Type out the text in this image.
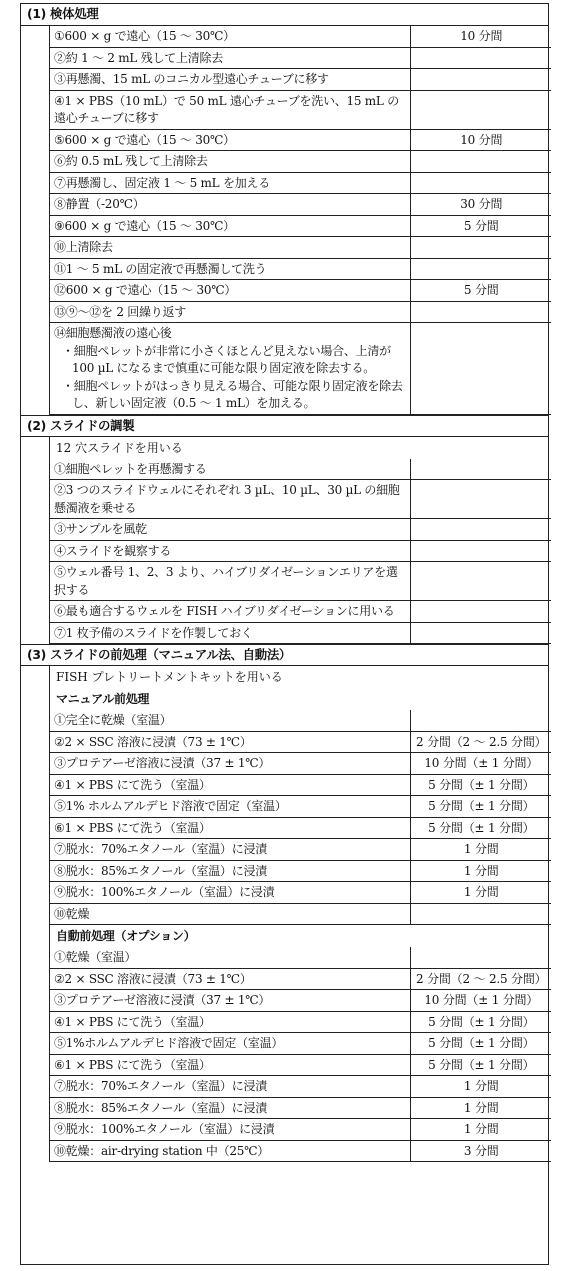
(1) 検体処理
①600 × g で遠心（15 ～ 30℃）	10 分間
②約 1 ～ 2 mL 残して上清除去	
③再懸濁、15 mL のコニカル型遠心チューブに移す	
④1 × PBS（10 mL）で 50 mL 遠心チューブを洗い、15 mL の遠心チューブに移す	
⑤600 × g で遠心（15 ～ 30℃）	10 分間
⑥約 0.5 mL 残して上清除去	
⑦再懸濁し、固定液 1 ～ 5 mL を加える	
⑧静置（-20℃）	30 分間
⑨600 × g で遠心（15 ～ 30℃）	5 分間
⑩上清除去	
⑪1 ～ 5 mL の固定液で再懸濁して洗う	
⑫600 × g で遠心（15 ～ 30℃）	5 分間
⑬⑨～⑫を 2 回繰り返す	
⑭細胞懸濁液の遠心後
・細胞ペレットが非常に小さくほとんど見えない場合、上清が 100 µL になるまで慎重に可能な限り固定液を除去する。
・細胞ペレットがはっきり見える場合、可能な限り固定液を除去し、新しい固定液（0.5 ～ 1 mL）を加える。	

(2) スライドの調製
12 穴スライドを用いる
①細胞ペレットを再懸濁する	
②3 つのスライドウェルにそれぞれ 3 µL、10 µL、30 µL の細胞懸濁液を乗せる	
③サンプルを風乾	
④スライドを観察する	
⑤ウェル番号 1、2、3 より、ハイブリダイゼーションエリアを選択する	
⑥最も適合するウェルを FISH ハイブリダイゼーションに用いる	
⑦1 枚予備のスライドを作製しておく	
(3) スライドの前処理（マニュアル法、自動法）
FISH プレトリートメントキットを用いる
マニュアル前処理
①完全に乾燥（室温）	
②2 × SSC 溶液に浸漬（73 ± 1℃）	2 分間（2 ～ 2.5 分間）
③プロテアーゼ溶液に浸漬（37 ± 1℃）	10 分間（± 1 分間）
④1 × PBS にて洗う（室温）	5 分間（± 1 分間）
⑤1% ホルムアルデヒド溶液で固定（室温）	5 分間（± 1 分間）
⑥1 × PBS にて洗う（室温）	5 分間（± 1 分間）
⑦脱水：70%エタノール（室温）に浸漬	1 分間
⑧脱水：85%エタノール（室温）に浸漬	1 分間
⑨脱水：100%エタノール（室温）に浸漬	1 分間
⑩乾燥	
自動前処理（オプション）
①乾燥（室温）	
②2 × SSC 溶液に浸漬（73 ± 1℃）	2 分間（2 ～ 2.5 分間）
③プロテアーゼ溶液に浸漬（37 ± 1℃）	10 分間（± 1 分間）
④1 × PBS にて洗う（室温）	5 分間（± 1 分間）
⑤1%ホルムアルデヒド溶液で固定（室温）	5 分間（± 1 分間）
⑥1 × PBS にて洗う（室温）	5 分間（± 1 分間）
⑦脱水：70%エタノール（室温）に浸漬	1 分間
⑧脱水：85%エタノール（室温）に浸漬	1 分間
⑨脱水：100%エタノール（室温）に浸漬	1 分間
⑩乾燥：air-drying station 中（25℃）	3 分間
